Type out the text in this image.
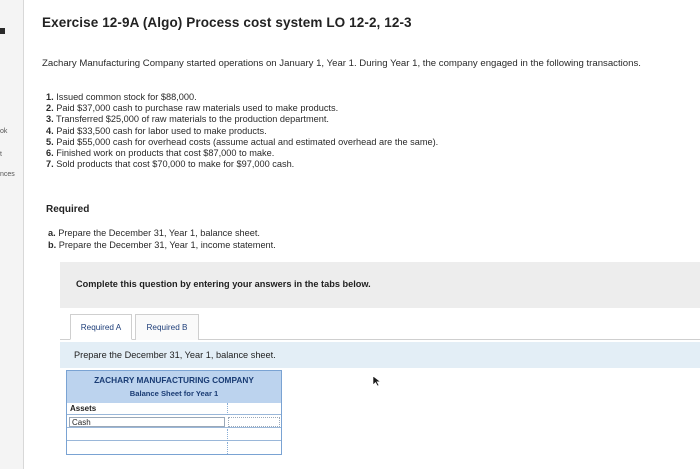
ok
t
nces
Exercise 12-9A (Algo) Process cost system LO 12-2, 12-3
Zachary Manufacturing Company started operations on January 1, Year 1. During Year 1, the company engaged in the following transactions.
1. Issued common stock for $88,000.
2. Paid $37,000 cash to purchase raw materials used to make products.
3. Transferred $25,000 of raw materials to the production department.
4. Paid $33,500 cash for labor used to make products.
5. Paid $55,000 cash for overhead costs (assume actual and estimated overhead are the same).
6. Finished work on products that cost $87,000 to make.
7. Sold products that cost $70,000 to make for $97,000 cash.
Required
a. Prepare the December 31, Year 1, balance sheet.
b. Prepare the December 31, Year 1, income statement.
Complete this question by entering your answers in the tabs below.
Required A	Required B
Prepare the December 31, Year 1, balance sheet.
ZACHARY MANUFACTURING COMPANY
Balance Sheet for Year 1
Assets
Cash
